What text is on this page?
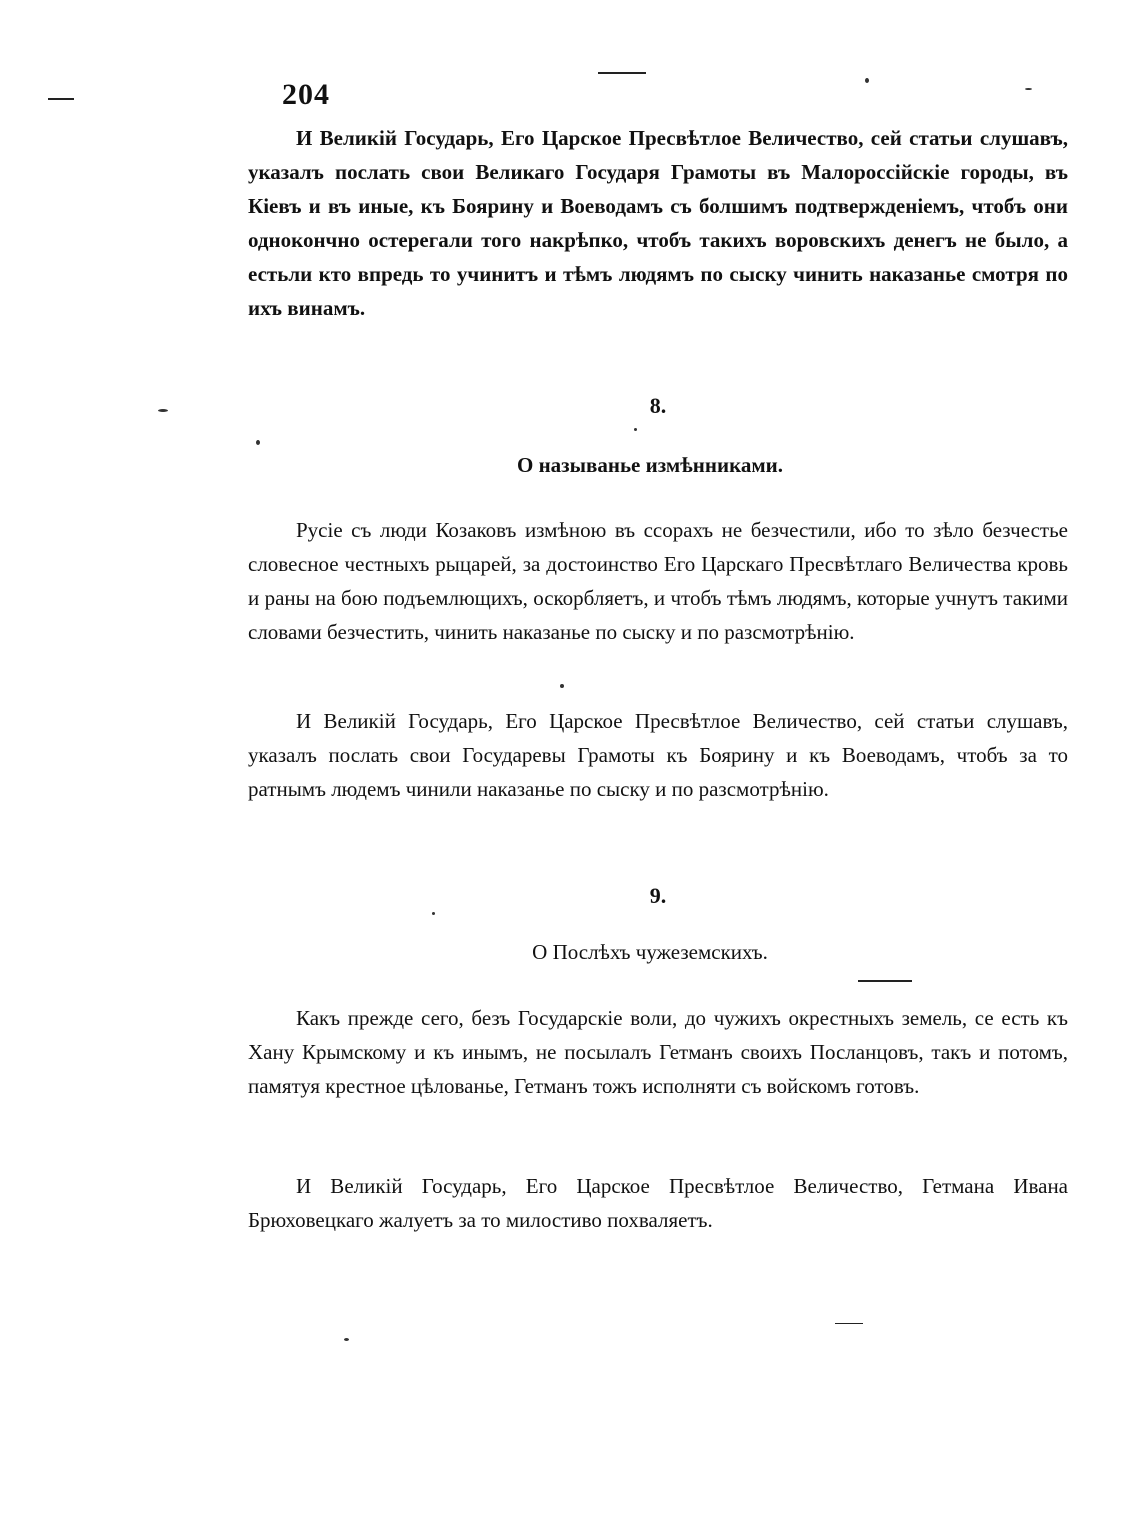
204
И Великій Государь, Его Царское Пресвѣтлое Величество, сей статьи слушавъ, указалъ послать свои Великаго Государя Грамоты въ Малороссійскіе городы, въ Кіевъ и въ иные, къ Боярину и Воеводамъ съ болшимъ подтвержденіемъ, чтобъ они однокончно остерегали того накрѣпко, чтобъ такихъ воровскихъ денегъ не было, а естьли кто впредь то учинитъ и тѣмъ людямъ по сыску чинить наказанье смотря по ихъ винамъ.
8.
О называнье измѣнниками.
Русіе съ люди Козаковъ измѣною въ ссорахъ не безчестили, ибо то зѣло безчестье словесное честныхъ рыцарей, за достоинство Его Царскаго Пресвѣтлаго Величества кровь и раны на бою подъемлющихъ, оскорбляетъ, и чтобъ тѣмъ людямъ, которые учнутъ такими словами безчестить, чинить наказанье по сыску и по разсмотрѣнію.
И Великій Государь, Его Царское Пресвѣтлое Величество, сей статьи слушавъ, указалъ послать свои Государевы Грамоты къ Боярину и къ Воеводамъ, чтобъ за то ратнымъ людемъ чинили наказанье по сыску и по разсмотрѣнію.
9.
О Послѣхъ чужеземскихъ.
Какъ прежде сего, безъ Государскіе воли, до чужихъ окрестныхъ земель, се есть къ Хану Крымскому и къ инымъ, не посылалъ Гетманъ своихъ Посланцовъ, такъ и потомъ, памятуя крестное цѣлованье, Гетманъ тожъ исполняти съ войскомъ готовъ.
И Великій Государь, Его Царское Пресвѣтлое Величество, Гетмана Ивана Брюховецкаго жалуетъ за то милостиво похваляетъ.
